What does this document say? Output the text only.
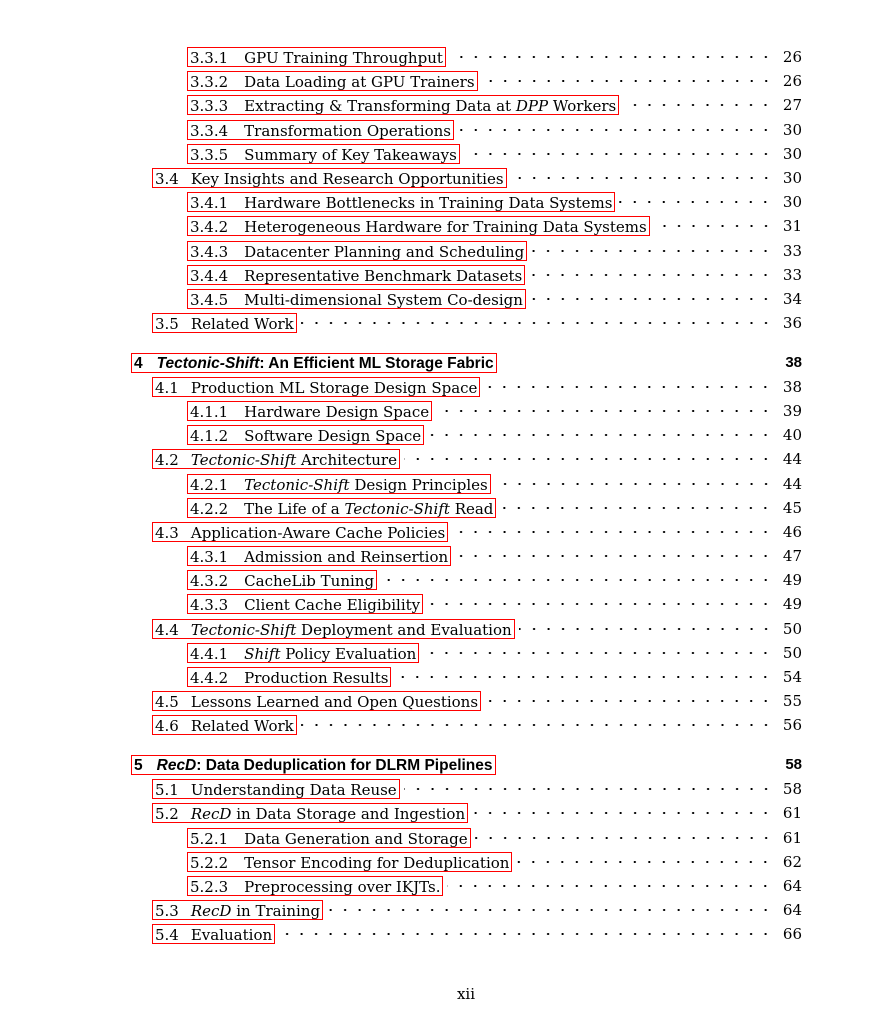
3.3.1 GPU Training Throughput	26
3.3.2 Data Loading at GPU Trainers	26
3.3.3 Extracting & Transforming Data at DPP Workers	27
3.3.4 Transformation Operations	30
3.3.5 Summary of Key Takeaways	30
3.4 Key Insights and Research Opportunities	30
3.4.1 Hardware Bottlenecks in Training Data Systems	30
3.4.2 Heterogeneous Hardware for Training Data Systems	31
3.4.3 Datacenter Planning and Scheduling	33
3.4.4 Representative Benchmark Datasets	33
3.4.5 Multi-dimensional System Co-design	34
3.5 Related Work	36
4 Tectonic-Shift: An Efficient ML Storage Fabric	38
4.1 Production ML Storage Design Space	38
4.1.1 Hardware Design Space	39
4.1.2 Software Design Space	40
4.2 Tectonic-Shift Architecture	44
4.2.1 Tectonic-Shift Design Principles	44
4.2.2 The Life of a Tectonic-Shift Read	45
4.3 Application-Aware Cache Policies	46
4.3.1 Admission and Reinsertion	47
4.3.2 CacheLib Tuning	49
4.3.3 Client Cache Eligibility	49
4.4 Tectonic-Shift Deployment and Evaluation	50
4.4.1 Shift Policy Evaluation	50
4.4.2 Production Results	54
4.5 Lessons Learned and Open Questions	55
4.6 Related Work	56
5 RecD: Data Deduplication for DLRM Pipelines	58
5.1 Understanding Data Reuse	58
5.2 RecD in Data Storage and Ingestion	61
5.2.1 Data Generation and Storage	61
5.2.2 Tensor Encoding for Deduplication	62
5.2.3 Preprocessing over IKJTs.	64
5.3 RecD in Training	64
5.4 Evaluation	66
xii
